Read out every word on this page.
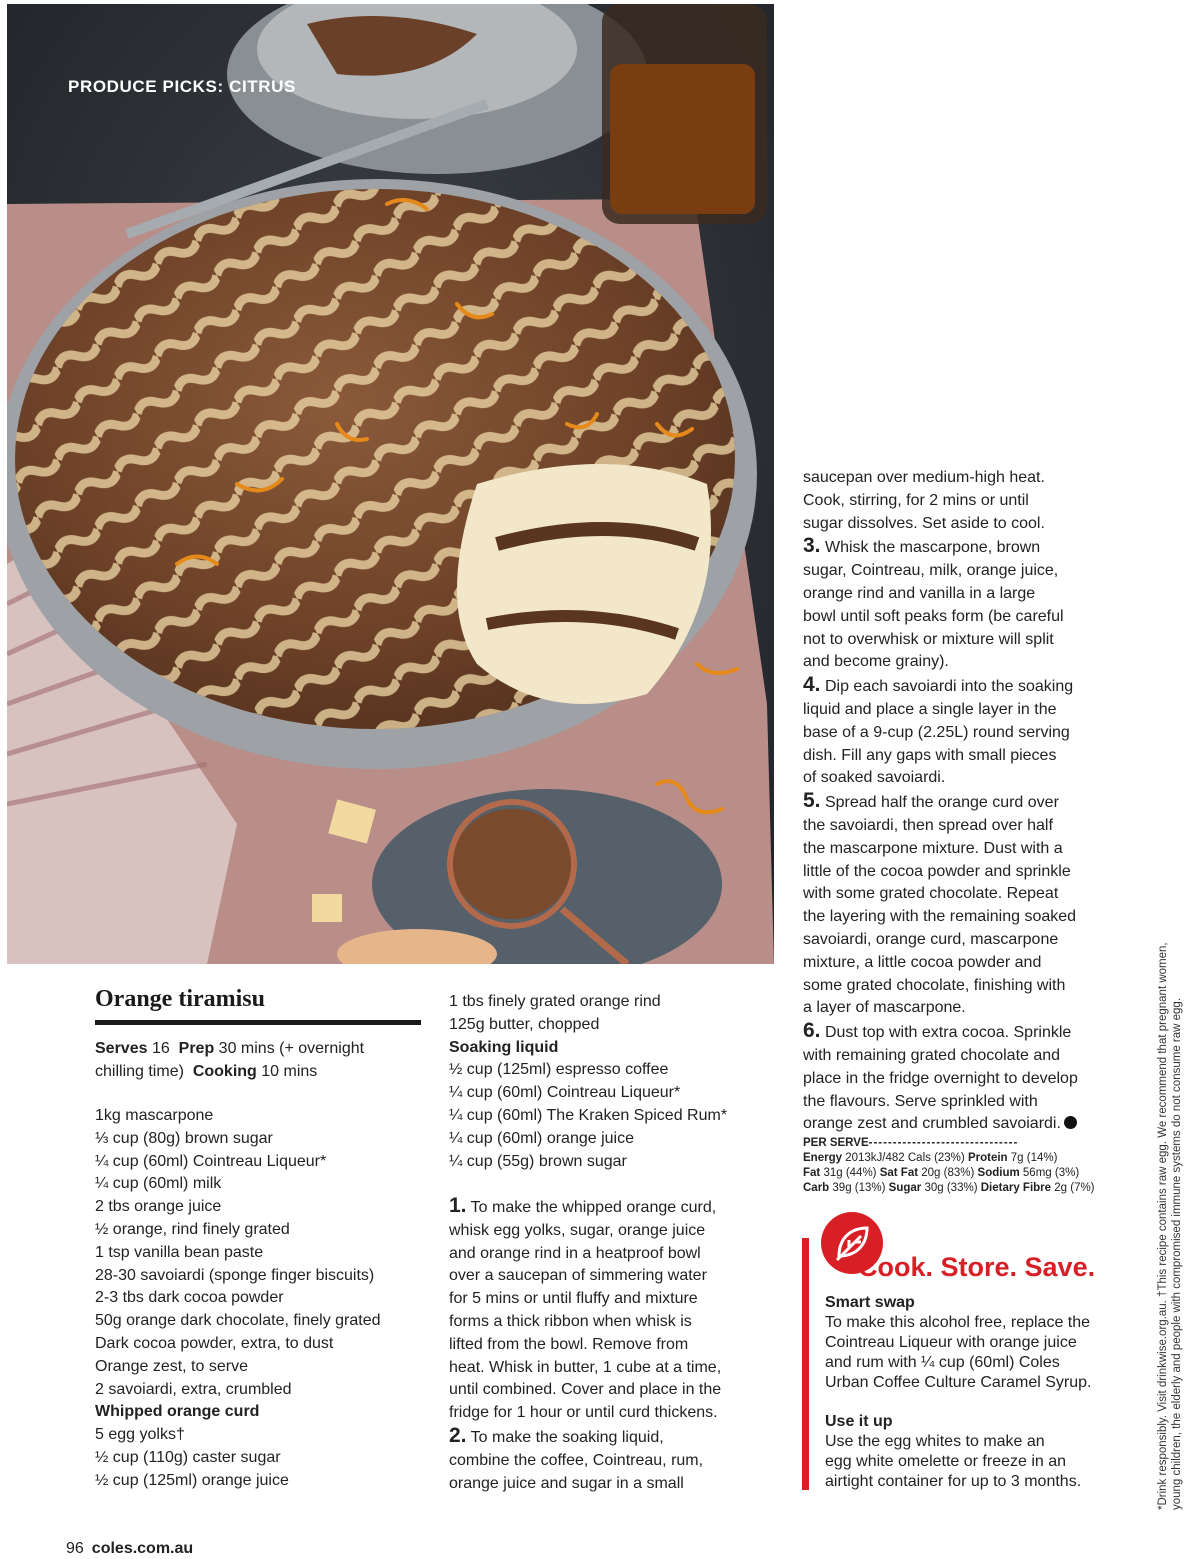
PRODUCE PICKS: CITRUS
Orange tiramisu
Serves 16 Prep 30 mins (+ overnight
chilling time) Cooking 10 mins
1kg mascarpone
⅓ cup (80g) brown sugar
¼ cup (60ml) Cointreau Liqueur*
¼ cup (60ml) milk
2 tbs orange juice
½ orange, rind finely grated
1 tsp vanilla bean paste
28-30 savoiardi (sponge finger biscuits)
2-3 tbs dark cocoa powder
50g orange dark chocolate, finely grated
Dark cocoa powder, extra, to dust
Orange zest, to serve
2 savoiardi, extra, crumbled
Whipped orange curd
5 egg yolks†
½ cup (110g) caster sugar
½ cup (125ml) orange juice
1 tbs finely grated orange rind
125g butter, chopped
Soaking liquid
½ cup (125ml) espresso coffee
¼ cup (60ml) Cointreau Liqueur*
¼ cup (60ml) The Kraken Spiced Rum*
¼ cup (60ml) orange juice
¼ cup (55g) brown sugar
1. To make the whipped orange curd,
whisk egg yolks, sugar, orange juice
and orange rind in a heatproof bowl
over a saucepan of simmering water
for 5 mins or until fluffy and mixture
forms a thick ribbon when whisk is
lifted from the bowl. Remove from
heat. Whisk in butter, 1 cube at a time,
until combined. Cover and place in the
fridge for 1 hour or until curd thickens.
2. To make the soaking liquid,
combine the coffee, Cointreau, rum,
orange juice and sugar in a small
saucepan over medium-high heat.
Cook, stirring, for 2 mins or until
sugar dissolves. Set aside to cool.
3. Whisk the mascarpone, brown
sugar, Cointreau, milk, orange juice,
orange rind and vanilla in a large
bowl until soft peaks form (be careful
not to overwhisk or mixture will split
and become grainy).
4. Dip each savoiardi into the soaking
liquid and place a single layer in the
base of a 9-cup (2.25L) round serving
dish. Fill any gaps with small pieces
of soaked savoiardi.
5. Spread half the orange curd over
the savoiardi, then spread over half
the mascarpone mixture. Dust with a
little of the cocoa powder and sprinkle
with some grated chocolate. Repeat
the layering with the remaining soaked
savoiardi, orange curd, mascarpone
mixture, a little cocoa powder and
some grated chocolate, finishing with
a layer of mascarpone.
6. Dust top with extra cocoa. Sprinkle
with remaining grated chocolate and
place in the fridge overnight to develop
the flavours. Serve sprinkled with
orange zest and crumbled savoiardi.
PER SERVE-------------------------------
Energy 2013kJ/482 Cals (23%) Protein 7g (14%)
Fat 31g (44%) Sat Fat 20g (83%) Sodium 56mg (3%)
Carb 39g (13%) Sugar 30g (33%) Dietary Fibre 2g (7%)
Cook. Store. Save.
Smart swap
To make this alcohol free, replace the
Cointreau Liqueur with orange juice
and rum with ¼ cup (60ml) Coles
Urban Coffee Culture Caramel Syrup.
Use it up
Use the egg whites to make an
egg white omelette or freeze in an
airtight container for up to 3 months.	*Drink responsibly. Visit drinkwise.org.au. †This recipe contains raw egg. We recommend that pregnant women, young children, the elderly and people with compromised immune systems do not consume raw egg.
96 coles.com.au
